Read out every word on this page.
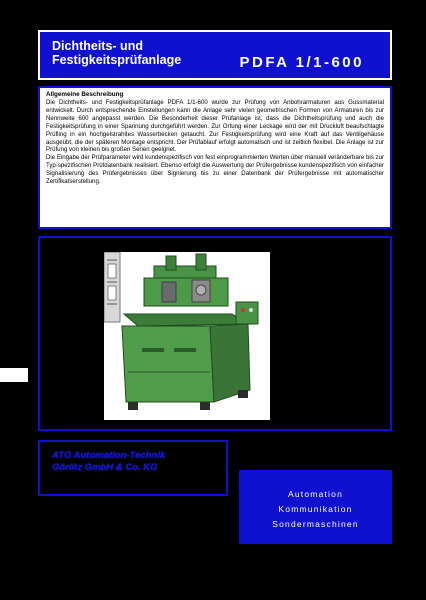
Dichtheits- und
Festigkeitsprüfanlage	PDFA 1/1-600
Allgemeine Beschreibung

Die Dichtheits- und Festigkeitsprüfanlage PDFA 1/1-600 wurde zur Prüfung von Anbohrarmaturen aus Gussmaterial entwickelt. Durch entsprechende Einstellungen kann die Anlage sehr vielen geometrischen Formen von Armaturen bis zur Nennweite 600 angepasst werden. Die Besonderheit dieser Prüfanlage ist, dass die Dichtheitsprüfung und auch die Festigkeitsprüfung in einer Spannung durchgeführt werden. Zur Ortung einer Leckage wird der mit Druckluft beaufschlagte Prüfling in ein hochgelstrahltes Wasserbecken getaucht. Zur Festigkeitsprüfung wird eine Kraft auf das Ventilgehäuse ausgeübt, die der späteren Montage entspricht. Der Prüfablauf erfolgt automatisch und ist zeitlich flexibel. Die Anlage ist zur Prüfung von kleinen bis großen Serien geeignet.

Die Eingabe der Prüfparameter wird kundenspezifisch von fest einprogrammierten Werten über manuell veränderbare bis zur Typ-spezifischen Prüfdatenbank realisiert. Ebenso erfolgt die Auswertung der Prüfergebnisse kundenspezifisch von einfacher Signalisierung des Prüfergebnisses über Signierung bis zu einer Datenbank der Prüfergebnisse mit automatischer Zertifikatserstellung.

ATG Automation-Technik
Görlitz GmbH & Co. KG
Automation
Kommunikation
Sondermaschinen
